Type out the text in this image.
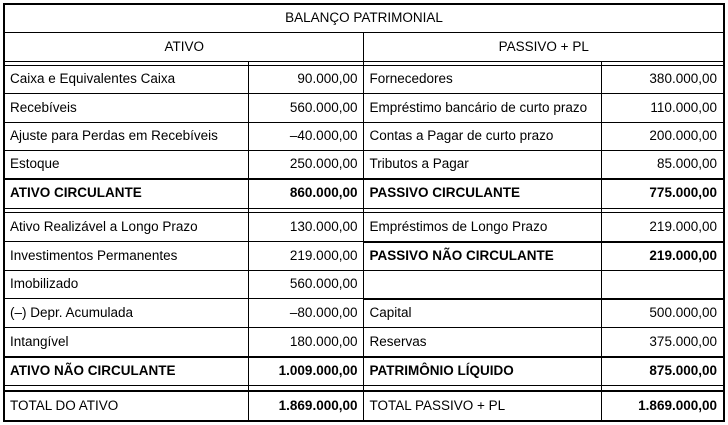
BALANÇO PATRIMONIAL			
ATIVO		PASSIVO + PL	

Caixa e Equivalentes Caixa	90.000,00	Fornecedores	380.000,00
Recebíveis	560.000,00	Empréstimo bancário de curto prazo	110.000,00
Ajuste para Perdas em Recebíveis	–40.000,00	Contas a Pagar de curto prazo	200.000,00
Estoque	250.000,00	Tributos a Pagar	85.000,00
ATIVO CIRCULANTE	860.000,00	PASSIVO CIRCULANTE	775.000,00

Ativo Realizável a Longo Prazo	130.000,00	Empréstimos de Longo Prazo	219.000,00
Investimentos Permanentes	219.000,00	PASSIVO NÃO CIRCULANTE	219.000,00
Imobilizado	560.000,00		
(–) Depr. Acumulada	–80.000,00	Capital	500.000,00
Intangível	180.000,00	Reservas	375.000,00
ATIVO NÃO CIRCULANTE	1.009.000,00	PATRIMÔNIO LÍQUIDO	875.000,00

TOTAL DO ATIVO	1.869.000,00	TOTAL PASSIVO + PL	1.869.000,00
